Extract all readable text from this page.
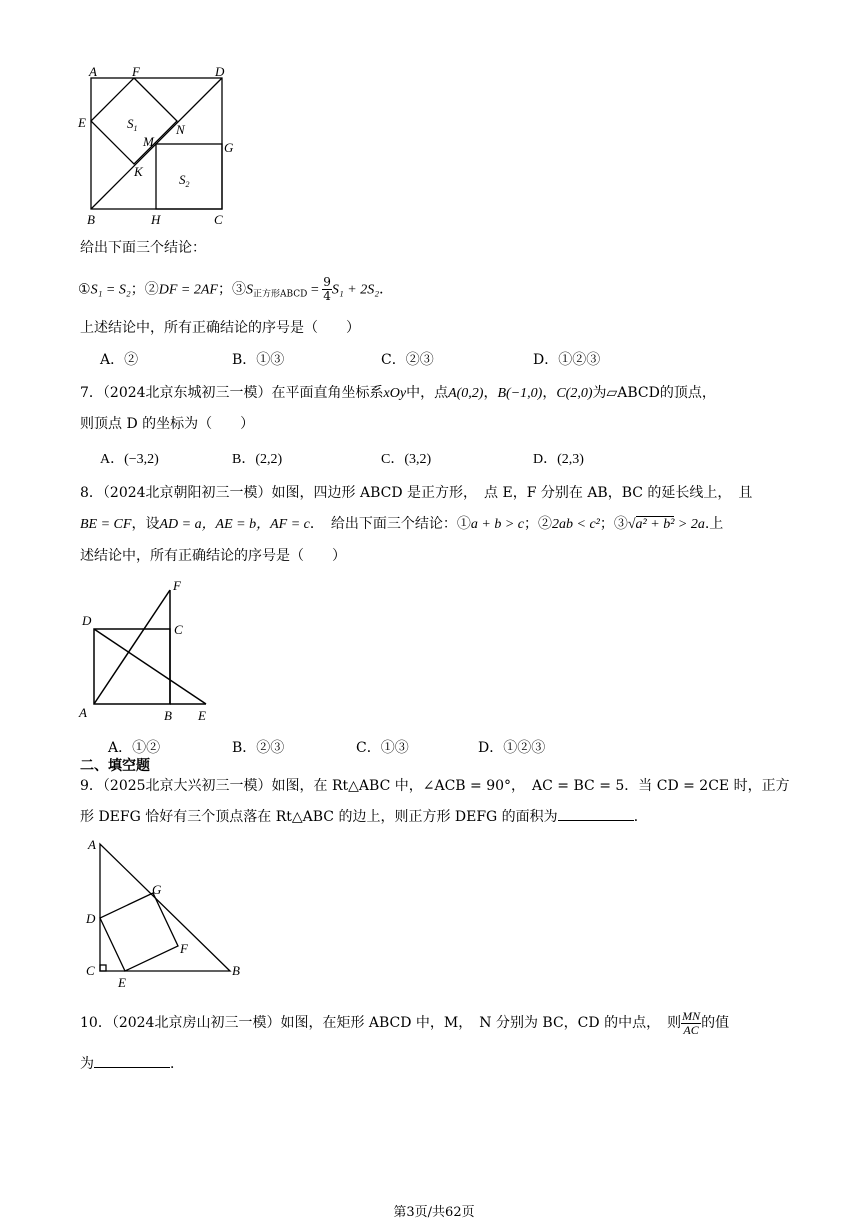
A	F	D
E	$S_1$	N
M	G
K
$S_2$
B	H	C
给出下面三个结论：
①S₁ = S₂；②DF = 2AF；$③S_{正方形ABCD} = \frac{9}{4} S_1 + 2S_2$．
上述结论中，所有正确结论的序号是（　　）
A．②	B．①③	C．②③	D．①②③
7．（2024北京东城初三一模）在平面直角坐标系xOy中，点A(0,2)，B(−1,0)，C(2,0)为▱ABCD的顶点，
则顶点 D 的坐标为（　　）
A．(−3,2)	B．(2,2)	C．(3,2)	D．(2,3)
8．（2024北京朝阳初三一模）如图，四边形 ABCD 是正方形，　点 E，F 分别在 AB，BC 的延长线上，　且
BE = CF，设AD = a，AE = b，AF = c．　给出下面三个结论：①a + b > c；②2ab < c²；③√a² + b² > 2a.上
述结论中，所有正确结论的序号是（　　）
F
D
C
A	B E
A．①②	B．②③	C．①③	D．①②③
二、填空题
9．（2025北京大兴初三一模）如图，在 Rt△ABC 中，∠ACB = 90°，　AC = BC = 5．当 CD = 2CE 时，正方
形 DEFG 恰好有三个顶点落在 Rt△ABC 的边上，则正方形 DEFG 的面积为	．
A
G
D
F
C	B
E
10．（2024北京房山初三一模）如图，在矩形 ABCD 中，M，　N 分别为 BC，CD 的中点，　则 $\frac{MN}{AC}$ 的值
为	．
第3页/共62页
